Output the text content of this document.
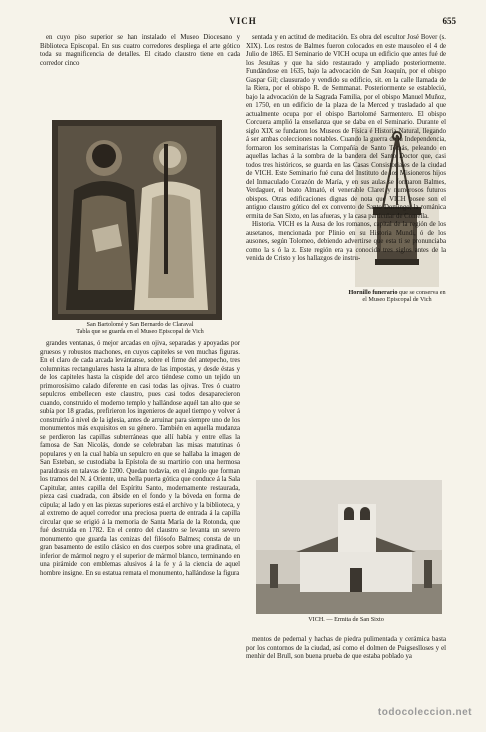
VICH	655

en cuyo piso superior se han instalado el Museo Diocesano y Biblioteca Episcopal. En sus cuatro corredores despliega el arte gótico toda su magnificencia de detalles. El citado claustro tiene en cada corredor cinco

San Bartolomé y San Bernardo de Claraval
Tabla que se guarda en el Museo Episcopal de Vich

grandes ventanas, ó mejor arcadas en ojiva, separadas y apoyadas por gruesos y robustos machones, en cuyos capiteles se ven muchas figuras. En el claro de cada arcada levántanse, sobre el firme del antepecho, tres columnitas rectangulares hasta la altura de las impostas, y desde éstas y de los capiteles hasta la cúspide del arco tiéndese como un tejido un primorosísimo calado diferente en casi todas las ojivas. Tres ó cuatro sepulcros embellecen este claustro, pues casi todos desaparecieron cuando, construido el moderno templo y hallándose aquél tan alto que se subía por 18 gradas, prefirieron los ingenieros de aquel tiempo y volver á construirlo á nivel de la iglesia, antes de arruinar para siempre uno de los monumentos más exquisitos en su género. También en aquella mudanza se perdieron las capillas subterráneas que allí había y entre ellas la famosa de San Nicolás, donde se celebraban las misas matutinas ó populares y en la cual había un sepulcro en que se hallaba la imagen de San Esteban, se custodiaba la Epístola de su martirio con una hermosa paraldrasis en talavas de 1200. Quedan todavía, en el ángulo que forman los tramos del N. á Oriente, una bella puerta gótica que conduce á la Sala Capitular, antes capilla del Espíritu Santo, modernamente restaurada, pieza casi cuadrada, con ábside en el fondo y la bóveda en forma de cúpula; al lado y en las piezas superiores está el archivo y la biblioteca, y al extremo de aquel corredor una preciosa puerta de entrada á la capilla circular que se erigió á la memoria de Santa María de la Rotonda, que fué destruida en 1782. En el centro del claustro se levanta un severo monumento que guarda las cenizas del filósofo Balmes; consta de un gran basamento de estilo clásico en dos cuerpos sobre una gradinata, el inferior de mármol negro y el superior de mármol blanco, terminando en una pirámide con emblemas alusivos á la fe y á la ciencia de aquel hombre insigne. En su estatua remata el monumento, hallándose la figura

sentada y en actitud de meditación. Es obra del escultor José Bover (s. XIX). Los restos de Balmes fueron colocados en este mausoleo el 4 de Julio de 1865. El Seminario de VICH ocupa un edificio que antes fué de los Jesuítas y que ha sido restaurado y ampliado posteriormente. Fundándose en 1635, bajo la advocación de San Joaquín, por el obispo Gaspar Gil; clausurado y vendido su edificio, sit. en la calle llamada de la Riera, por el obispo R. de Semmanat. Posteriormente se estableció, bajo la advocación de la Sagrada Familia, por el obispo Manuel Muñoz, en 1750, en un edificio de la plaza de la Merced y trasladado al que actualmente ocupa por el obispo Bartolomé Sarmentero. El obispo Corcuera amplió la enseñanza que se daba en el Seminario. Durante el siglo XIX se fundaron los Museos de Física é Historia Natural, llegando á ser ambas colecciones notables. Cuando la guerra de la Independencia, formaron los seminaristas la Compañía de Santo Tomás, peleando en aquellas lachas á la sombra de la bandera del Santo Doctor que, casi todos tres históricos, se guarda en las Casas Consistoriales de la ciudad de VICH. Este Seminario fué cuna del Instituto de los Misioneros hijos del Inmaculado Corazón de María, y en sus aulas se formaron Balmes, Verdaguer, el beato Almató, el venerable Claret y numerosos futuros obispos. Otras edificaciones dignas de nota que VICH posee son el antiguo claustro gótico del ex convento de Santo Domingo, la románica ermita de San Sixto, en las afueras, y la casa particular de Comella.

Historia. VICH es la Ausa de los romanos, capital de la región de los ausetanos, mencionada por Plinio en su Historia Mundi, ó de los ausones, según Tolomeo, debiendo advertirse que esta ti se pronunciaba como la s ó la z. Este región era ya conocida tres siglos antes de la venida de Cristo y los hallazgos de instru-

Hornillo funerario que se conserva en el Museo Episcopal de Vich
VICH. — Ermita de San Sixto

mentos de pedernal y hachas de piedra pulimentada y cerámica basta por los contornos de la ciudad, así como el dolmen de Puigseslloses y el menhir del Brull, son buena prueba de que estaba poblado ya

todocoleccion.net
